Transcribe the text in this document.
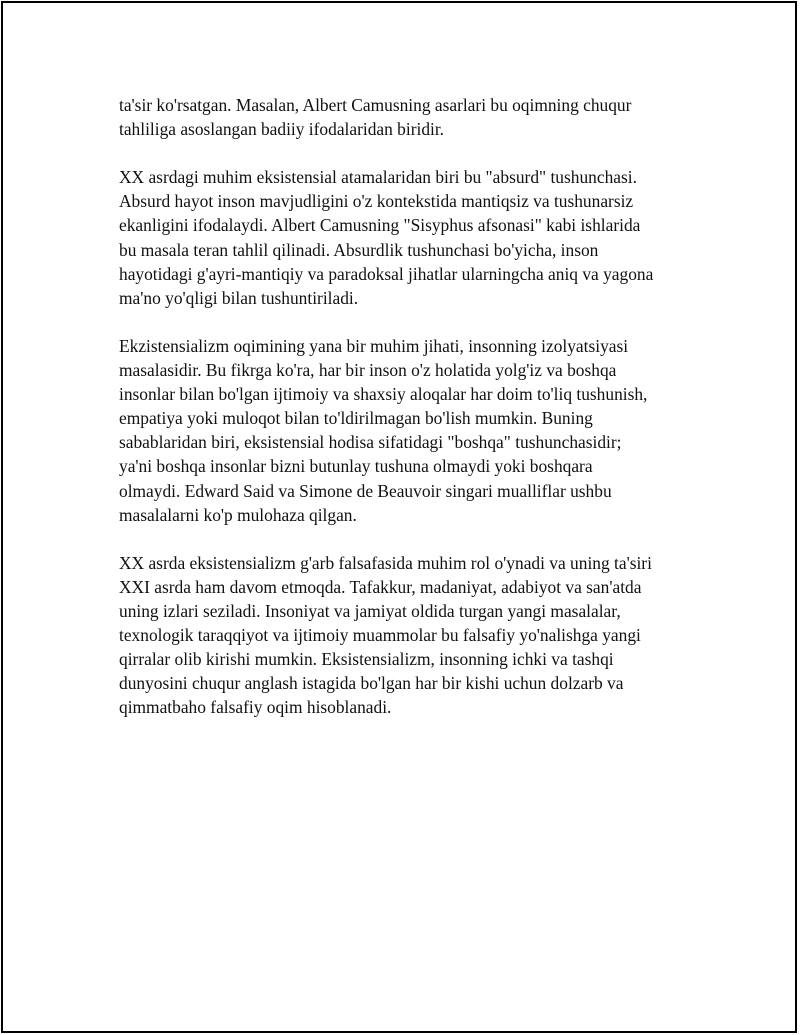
ta'sir ko'rsatgan. Masalan, Albert Camusning asarlari bu oqimning chuqur
tahliliga asoslangan badiiy ifodalaridan biridir.

XX asrdagi muhim eksistensial atamalaridan biri bu "absurd" tushunchasi.
Absurd hayot inson mavjudligini o'z kontekstida mantiqsiz va tushunarsiz
ekanligini ifodalaydi. Albert Camusning "Sisyphus afsonasi" kabi ishlarida
bu masala teran tahlil qilinadi. Absurdlik tushunchasi bo'yicha, inson
hayotidagi g'ayri-mantiqiy va paradoksal jihatlar ularningcha aniq va yagona
ma'no yo'qligi bilan tushuntiriladi.

Ekzistensializm oqimining yana bir muhim jihati, insonning izolyatsiyasi
masalasidir. Bu fikrga ko'ra, har bir inson o'z holatida yolg'iz va boshqa
insonlar bilan bo'lgan ijtimoiy va shaxsiy aloqalar har doim to'liq tushunish,
empatiya yoki muloqot bilan to'ldirilmagan bo'lish mumkin. Buning
sabablaridan biri, eksistensial hodisa sifatidagi "boshqa" tushunchasidir;
ya'ni boshqa insonlar bizni butunlay tushuna olmaydi yoki boshqara
olmaydi. Edward Said va Simone de Beauvoir singari mualliflar ushbu
masalalarni ko'p mulohaza qilgan.

XX asrda eksistensializm g'arb falsafasida muhim rol o'ynadi va uning ta'siri
XXI asrda ham davom etmoqda. Tafakkur, madaniyat, adabiyot va san'atda
uning izlari seziladi. Insoniyat va jamiyat oldida turgan yangi masalalar,
texnologik taraqqiyot va ijtimoiy muammolar bu falsafiy yo'nalishga yangi
qirralar olib kirishi mumkin. Eksistensializm, insonning ichki va tashqi
dunyosini chuqur anglash istagida bo'lgan har bir kishi uchun dolzarb va
qimmatbaho falsafiy oqim hisoblanadi.
